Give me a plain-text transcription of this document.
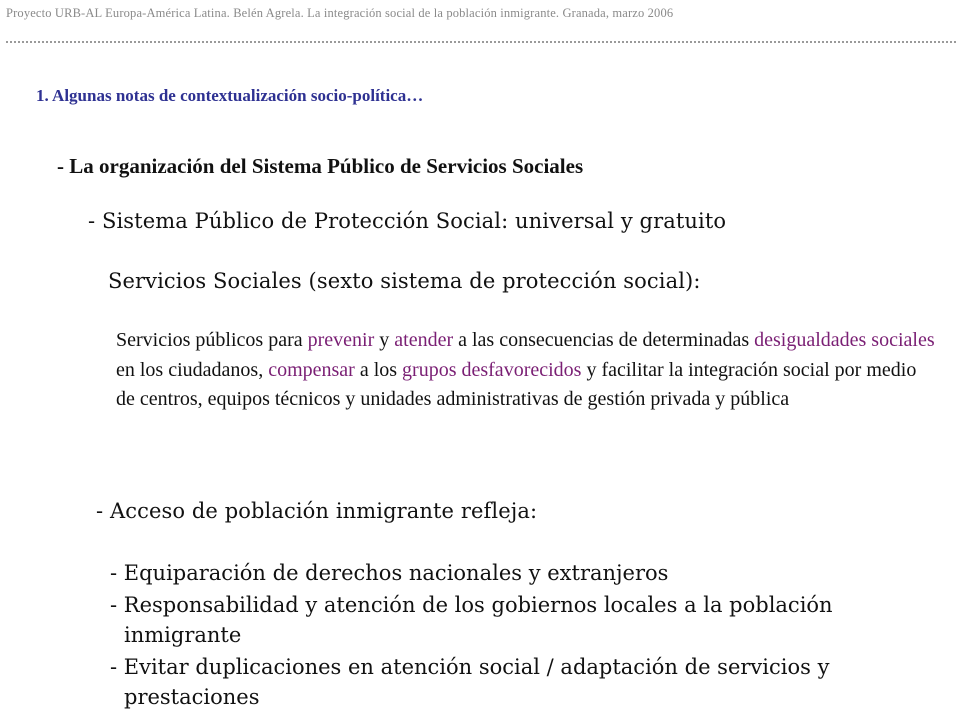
Proyecto URB-AL Europa-América Latina. Belén Agrela. La integración social de la población inmigrante. Granada, marzo 2006
1. Algunas notas de contextualización socio-política…
- La organización del Sistema Público de Servicios Sociales
- Sistema Público de Protección Social: universal y gratuito
Servicios Sociales (sexto sistema de protección social):
Servicios públicos para prevenir y atender a las consecuencias de determinadas desigualdades sociales en los ciudadanos, compensar a los grupos desfavorecidos y facilitar la integración social por medio de centros, equipos técnicos y unidades administrativas de gestión privada y pública
- Acceso de población inmigrante refleja:
- Equiparación de derechos nacionales y extranjeros
- Responsabilidad y atención de los gobiernos locales a la población
inmigrante
- Evitar duplicaciones en atención social / adaptación de servicios y
prestaciones
